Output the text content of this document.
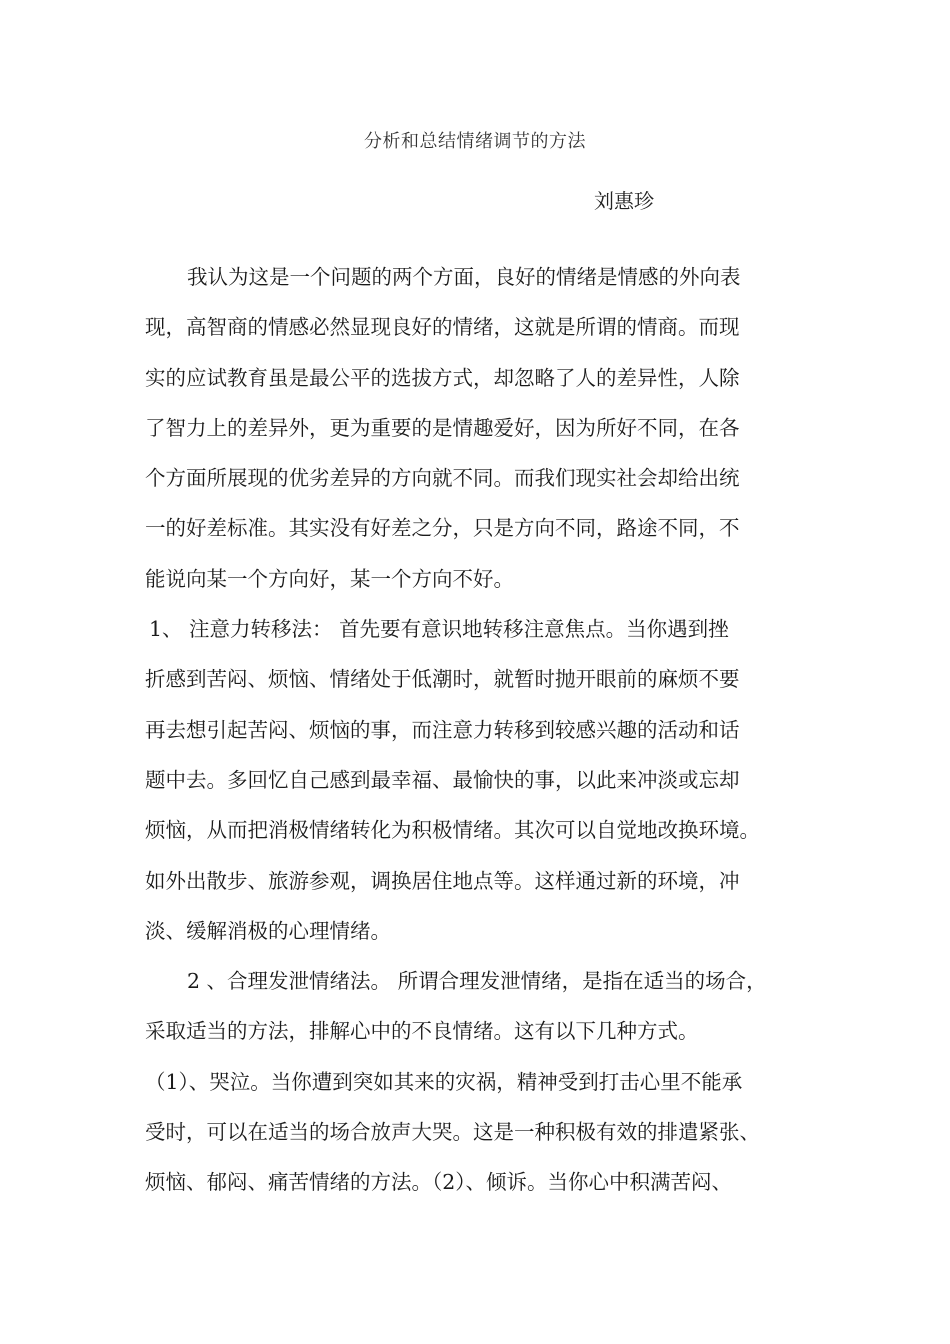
分析和总结情绪调节的方法
刘惠珍
我认为这是一个问题的两个方面，良好的情绪是情感的外向表
现，高智商的情感必然显现良好的情绪，这就是所谓的情商。而现
实的应试教育虽是最公平的选拔方式，却忽略了人的差异性，人除
了智力上的差异外，更为重要的是情趣爱好，因为所好不同，在各
个方面所展现的优劣差异的方向就不同。而我们现实社会却给出统
一的好差标准。其实没有好差之分，只是方向不同，路途不同，不
能说向某一个方向好，某一个方向不好。
1、 注意力转移法： 首先要有意识地转移注意焦点。当你遇到挫
折感到苦闷、烦恼、情绪处于低潮时，就暂时抛开眼前的麻烦不要
再去想引起苦闷、烦恼的事，而注意力转移到较感兴趣的活动和话
题中去。多回忆自己感到最幸福、最愉快的事，以此来冲淡或忘却
烦恼，从而把消极情绪转化为积极情绪。其次可以自觉地改换环境。
如外出散步、旅游参观，调换居住地点等。这样通过新的环境，冲
淡、缓解消极的心理情绪。
2 、合理发泄情绪法。 所谓合理发泄情绪，是指在适当的场合，
采取适当的方法，排解心中的不良情绪。这有以下几种方式。
（1）、哭泣。当你遭到突如其来的灾祸，精神受到打击心里不能承
受时，可以在适当的场合放声大哭。这是一种积极有效的排遣紧张、
烦恼、郁闷、痛苦情绪的方法。（2）、倾诉。当你心中积满苦闷、
